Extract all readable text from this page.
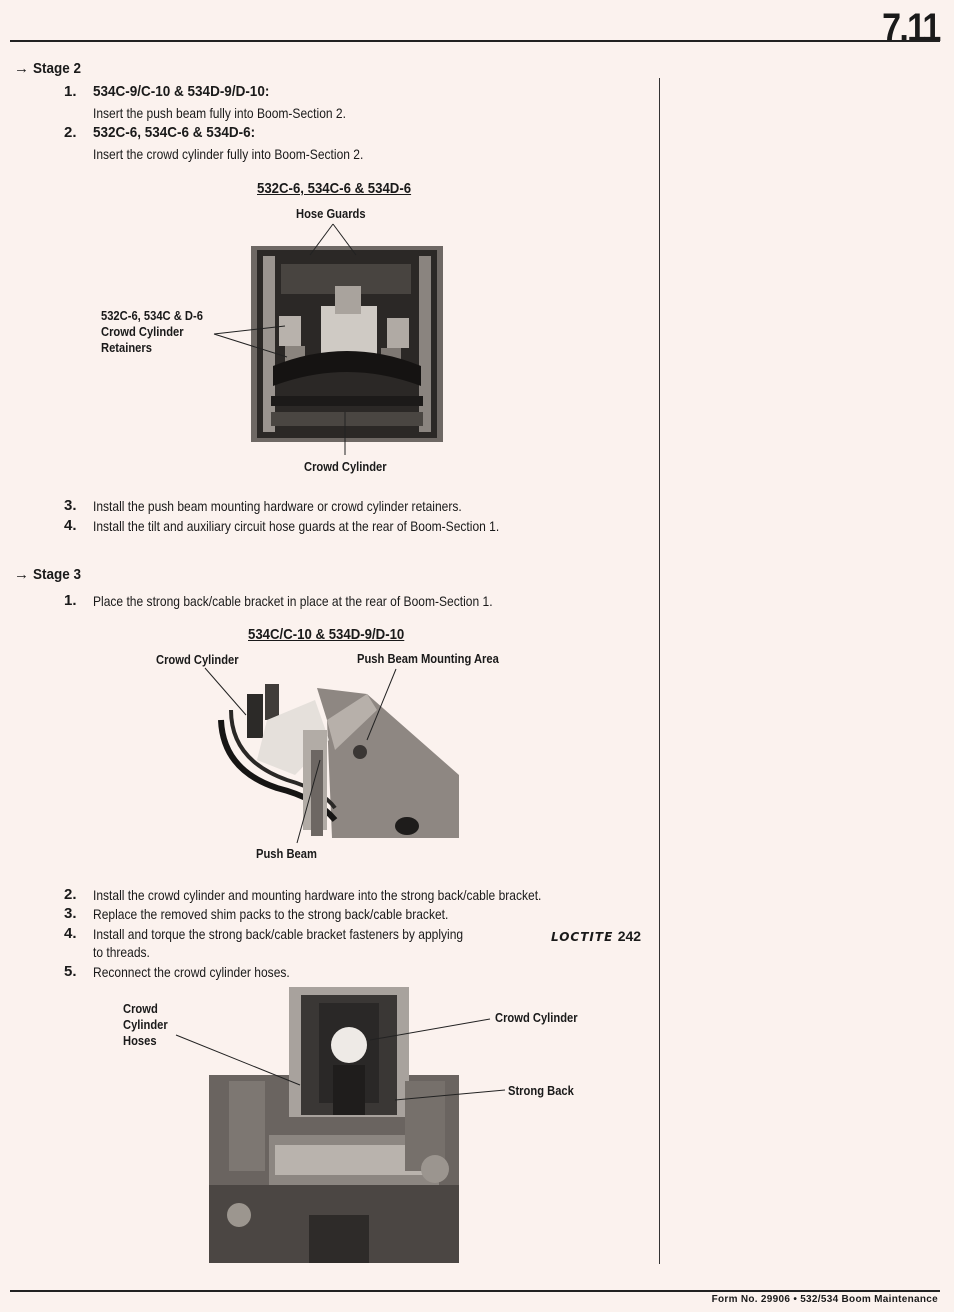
7.11
→ Stage 2
1. 534C-9/C-10 & 534D-9/D-10:
Insert the push beam fully into Boom-Section 2.
2. 532C-6, 534C-6 & 534D-6:
Insert the crowd cylinder fully into Boom-Section 2.
532C-6, 534C-6 & 534D-6
Hose Guards
532C-6, 534C & D-6
Crowd Cylinder
Retainers
Crowd Cylinder
3. Install the push beam mounting hardware or crowd cylinder retainers.
4. Install the tilt and auxiliary circuit hose guards at the rear of Boom-Section 1.
→ Stage 3
1. Place the strong back/cable bracket in place at the rear of Boom-Section 1.
534C/C-10 & 534D-9/D-10
Crowd Cylinder	Push Beam Mounting Area
Push Beam
2. Install the crowd cylinder and mounting hardware into the strong back/cable bracket.
3. Replace the removed shim packs to the strong back/cable bracket.
4. Install and torque the strong back/cable bracket fasteners by applying	LOCTITE 242
to threads.
5. Reconnect the crowd cylinder hoses.
Crowd
Cylinder
Hoses
Crowd Cylinder
Strong Back
Form No. 29906 • 532/534 Boom Maintenance
